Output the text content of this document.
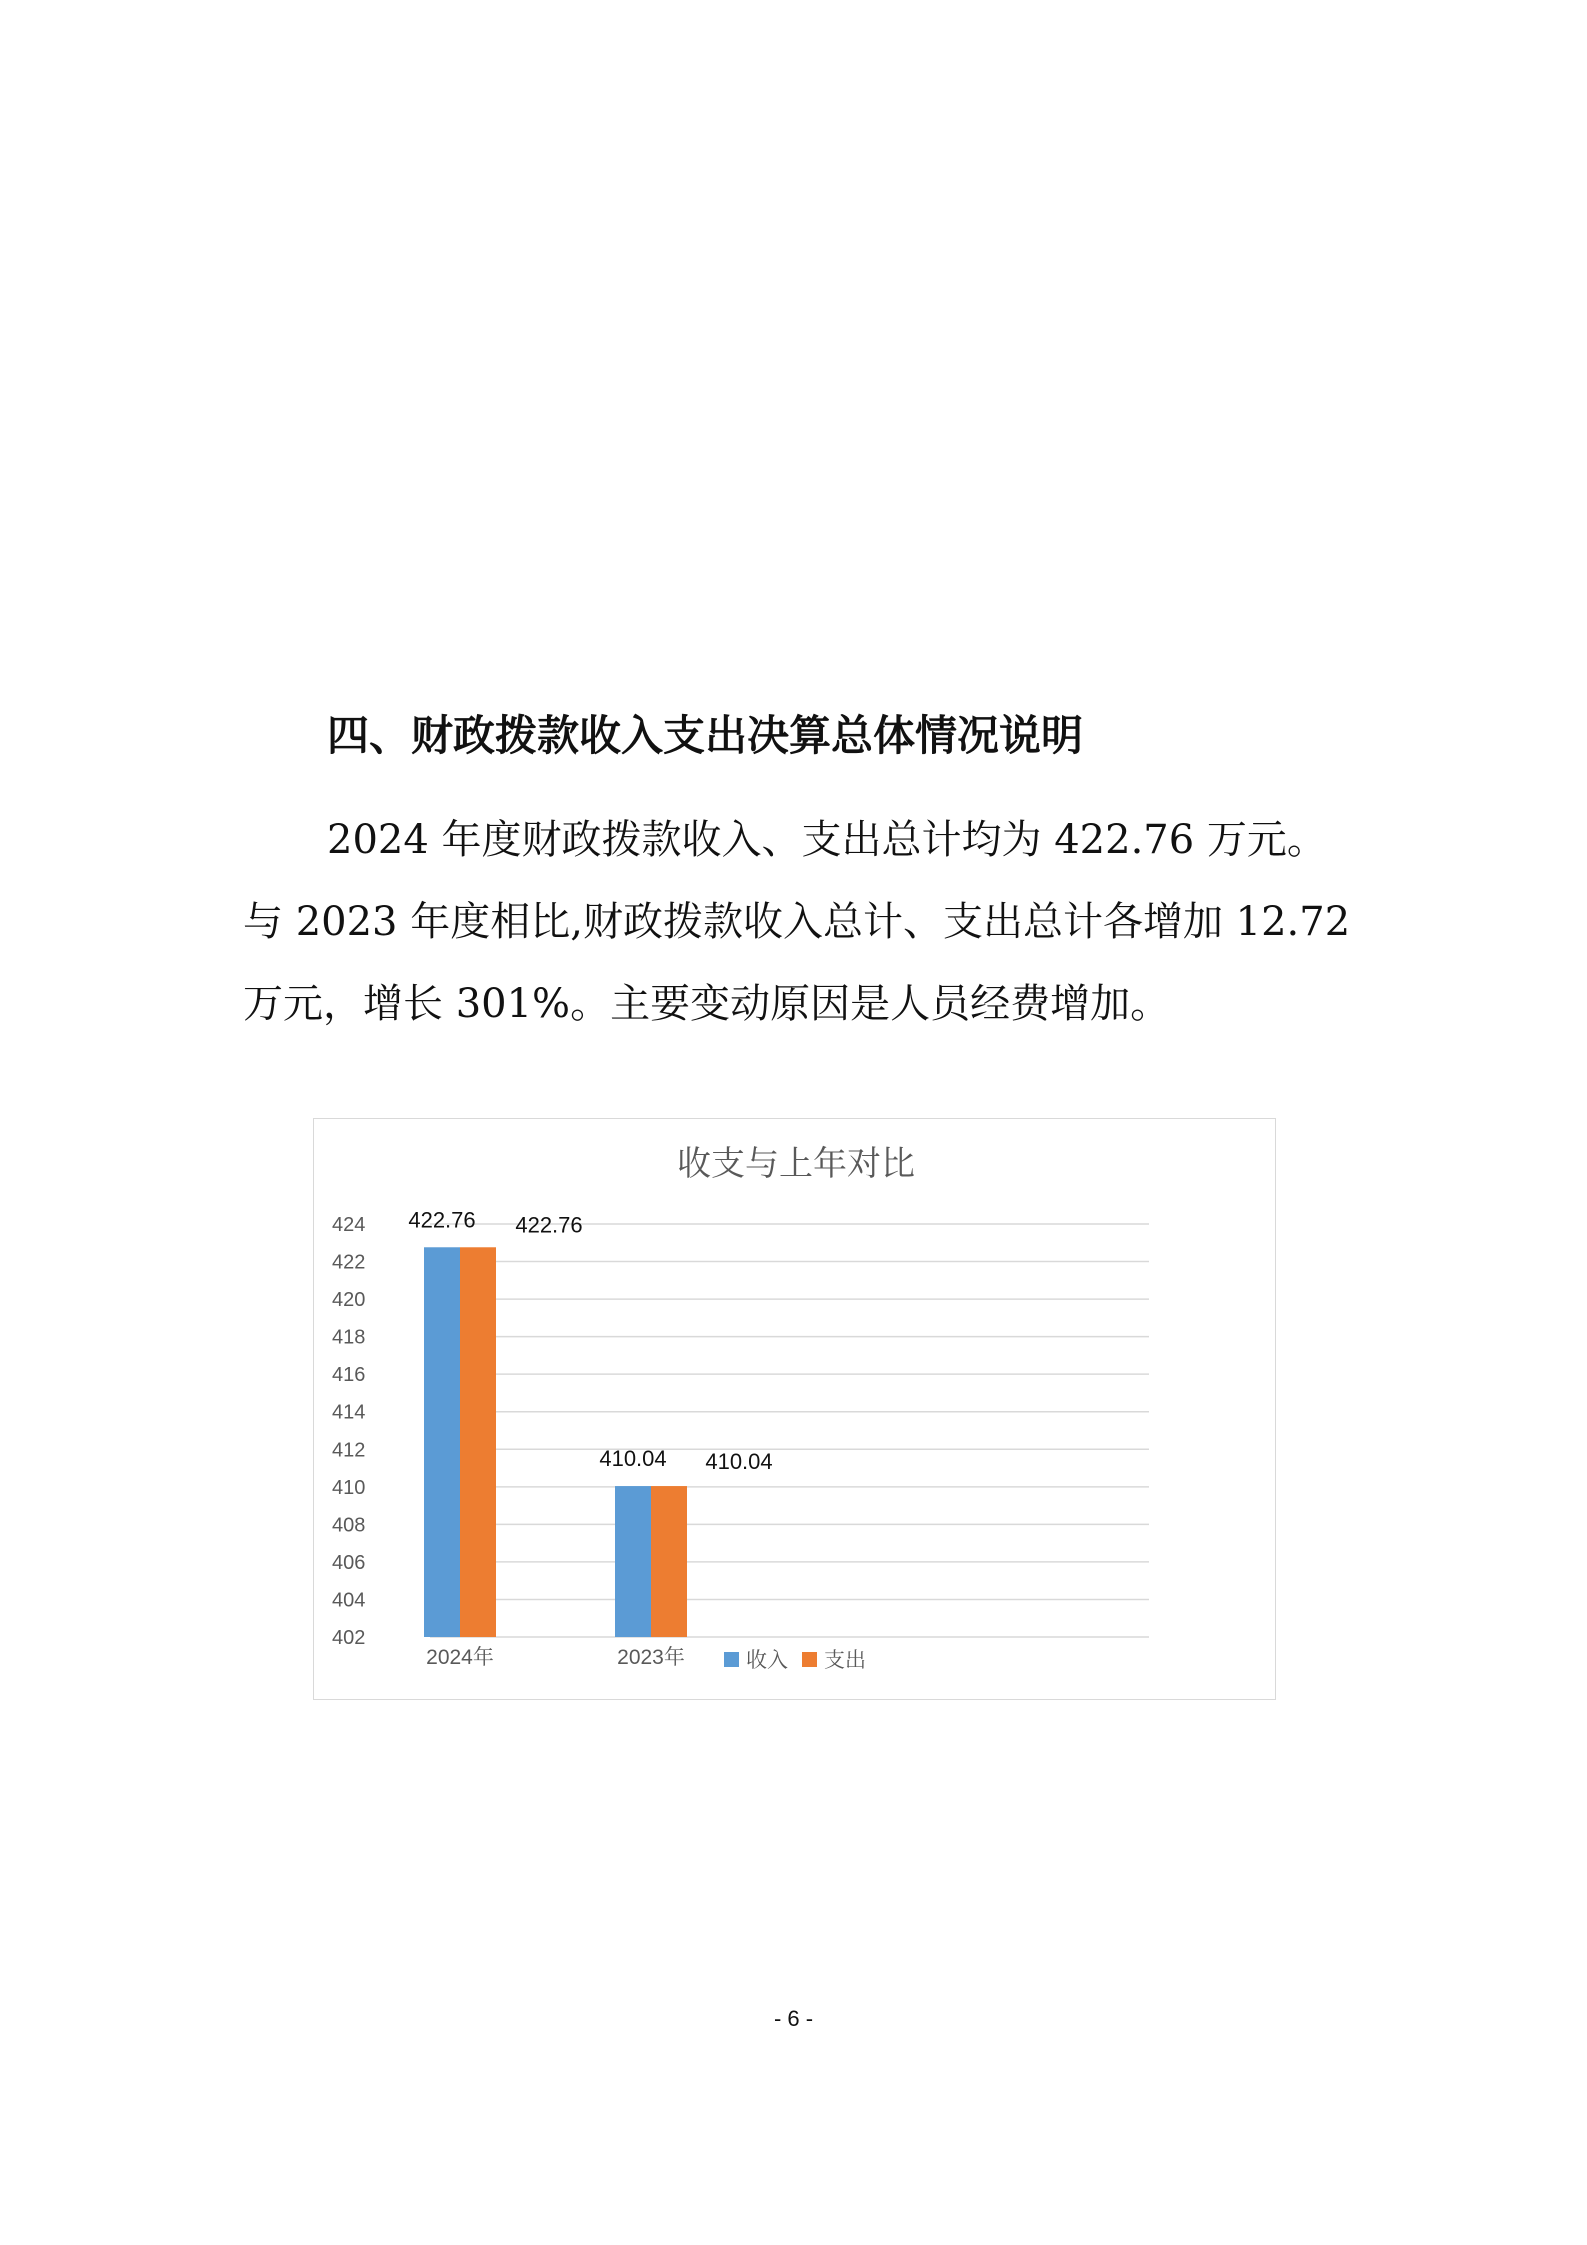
四、财政拨款收入支出决算总体情况说明

2024 年度财政拨款收入、支出总计均为 422.76 万元。

与 2023 年度相比,财政拨款收入总计、支出总计各增加 12.72

万元，增长 301%。主要变动原因是人员经费增加。

收支与上年对比
424
422
420
418
416
414
412
410
408
406
404
402
422.76 422.76
410.04 410.04
2024年	2023年	收入 支出
- 6 -
